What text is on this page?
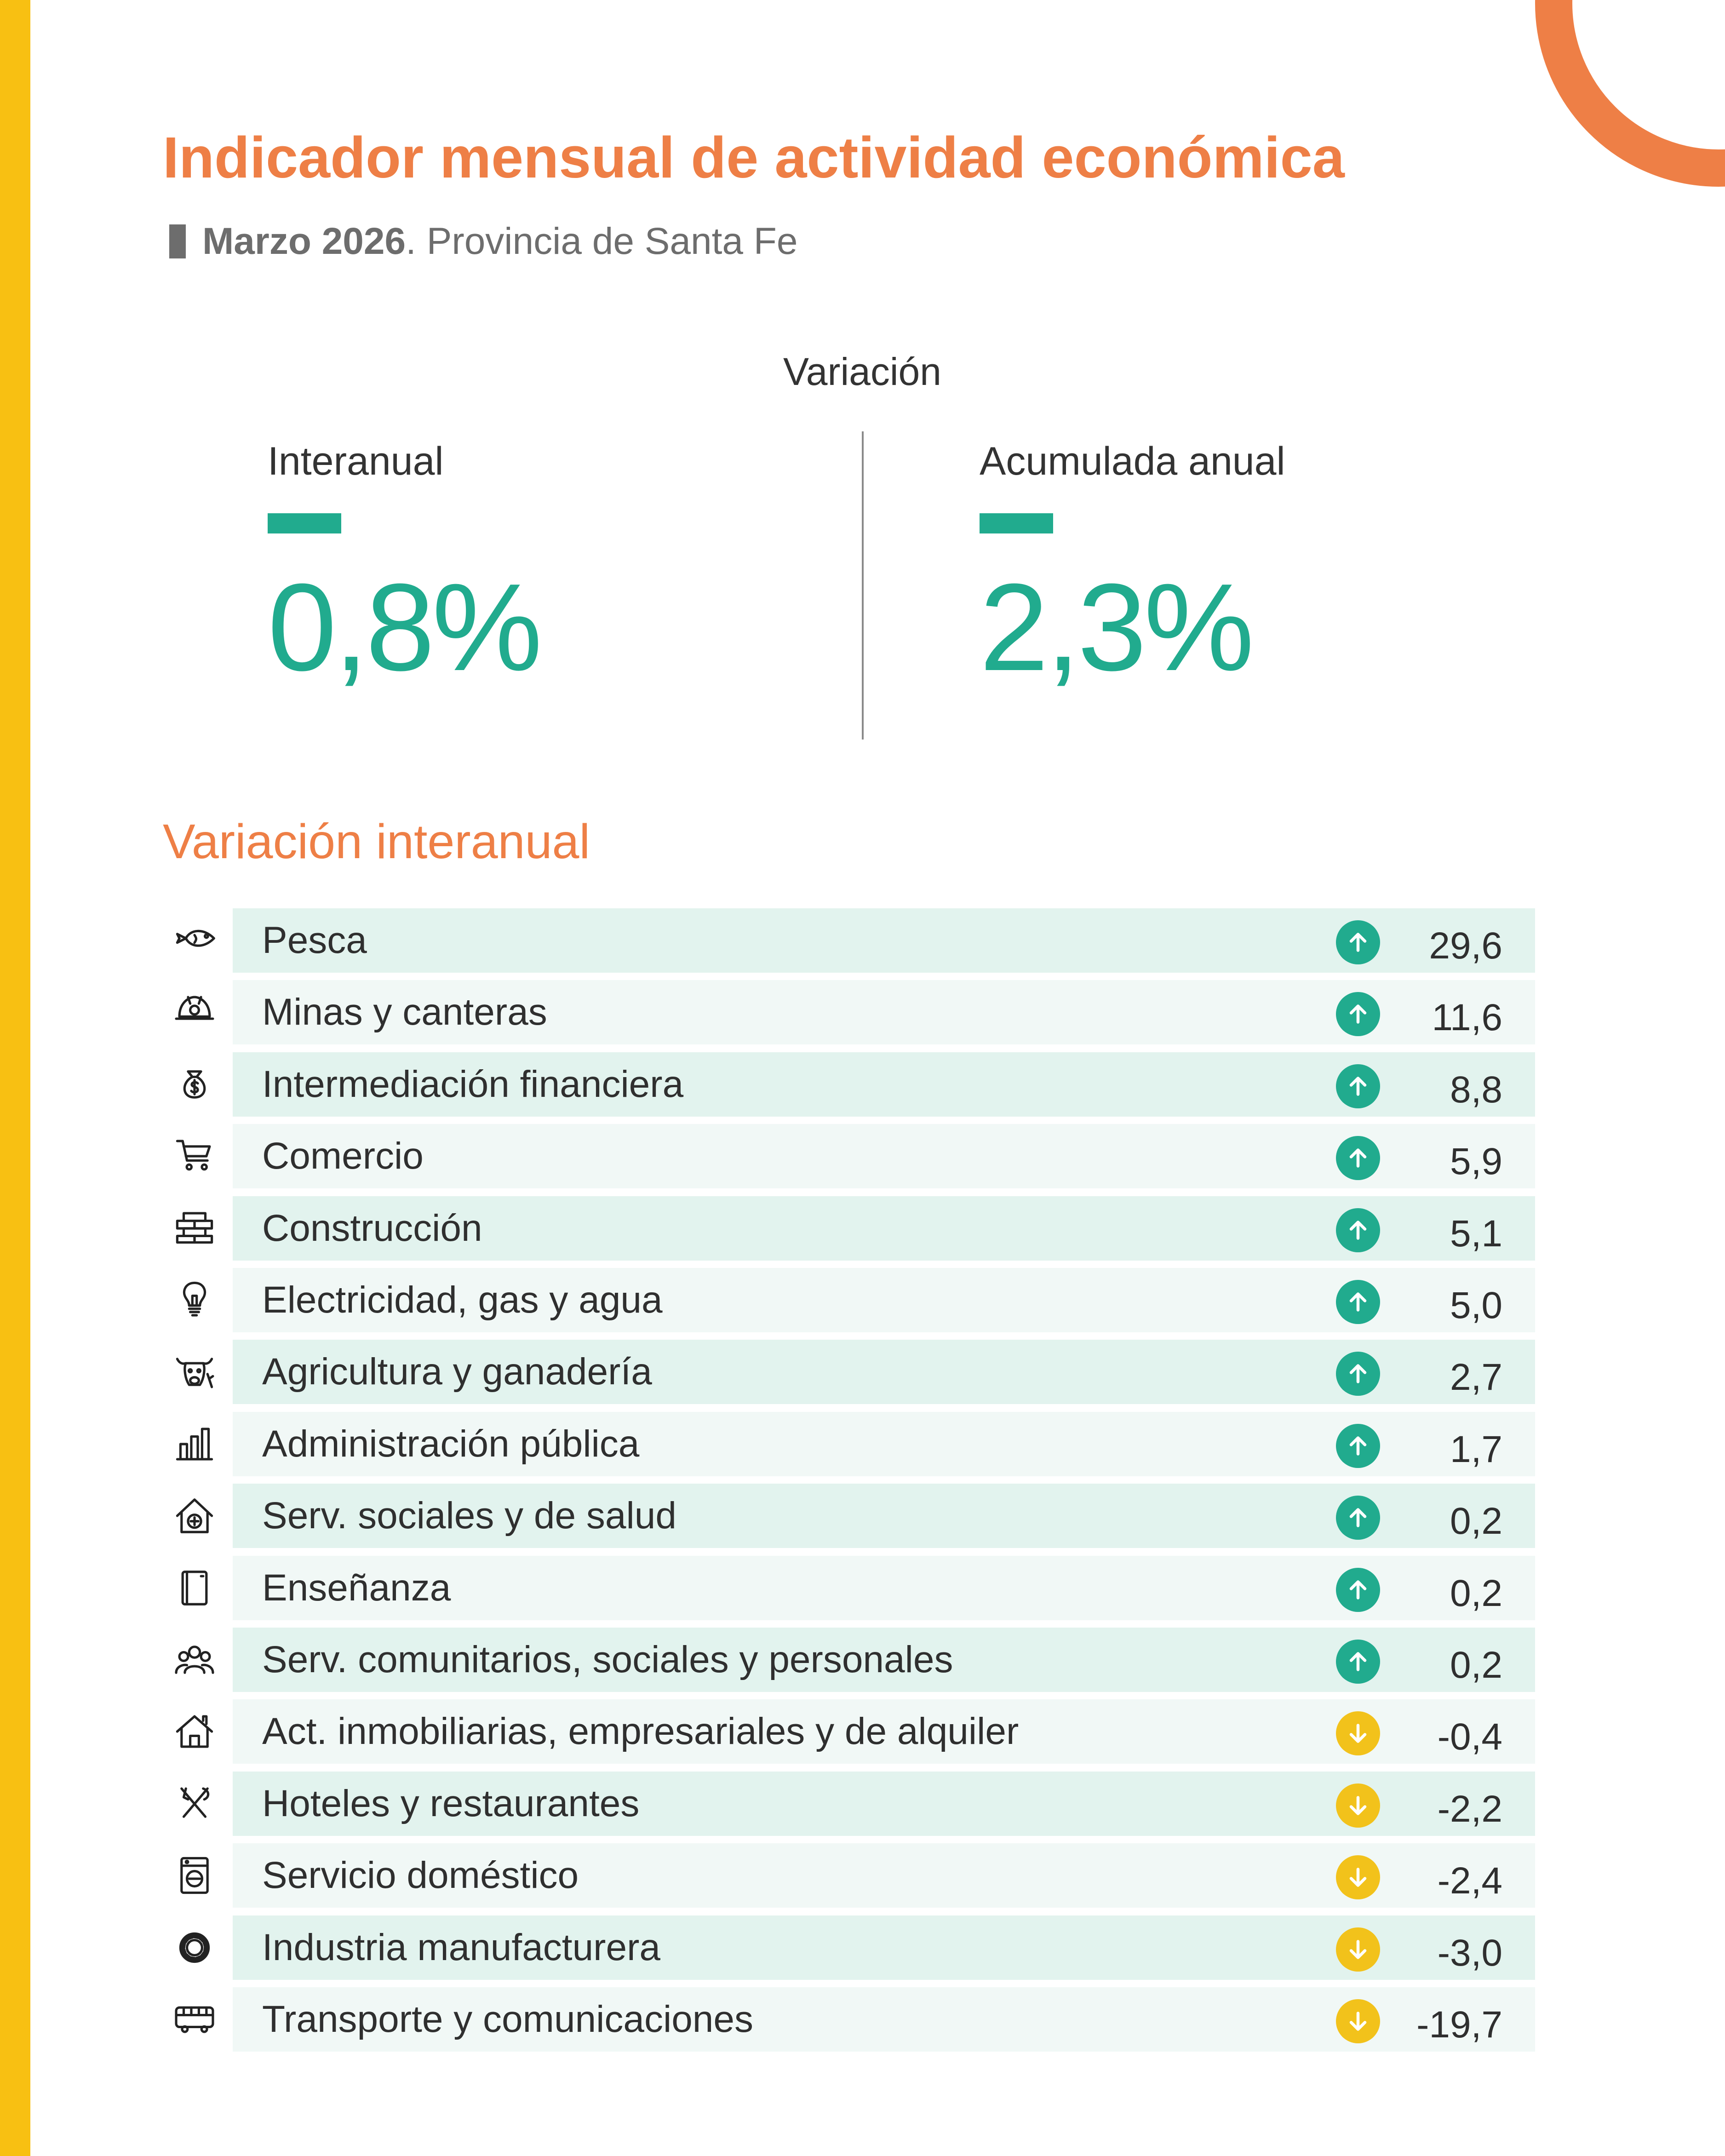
Indicador mensual de actividad económica
Marzo 2026 . Provincia de Santa Fe
Variación
Interanual
0,8%
Acumulada anual
2,3%
Variación interanual
Pesca	29,6
Minas y canteras	11,6
Intermediación financiera	8,8
Comercio	5,9
Construcción	5,1
Electricidad, gas y agua	5,0
Agricultura y ganadería	2,7
Administración pública	1,7
Serv. sociales y de salud	0,2
Enseñanza	0,2
Serv. comunitarios, sociales y personales	0,2
Act. inmobiliarias, empresariales y de alquiler	-0,4
Hoteles y restaurantes	-2,2
Servicio doméstico	-2,4
Industria manufacturera	-3,0
Transporte y comunicaciones	-19,7
